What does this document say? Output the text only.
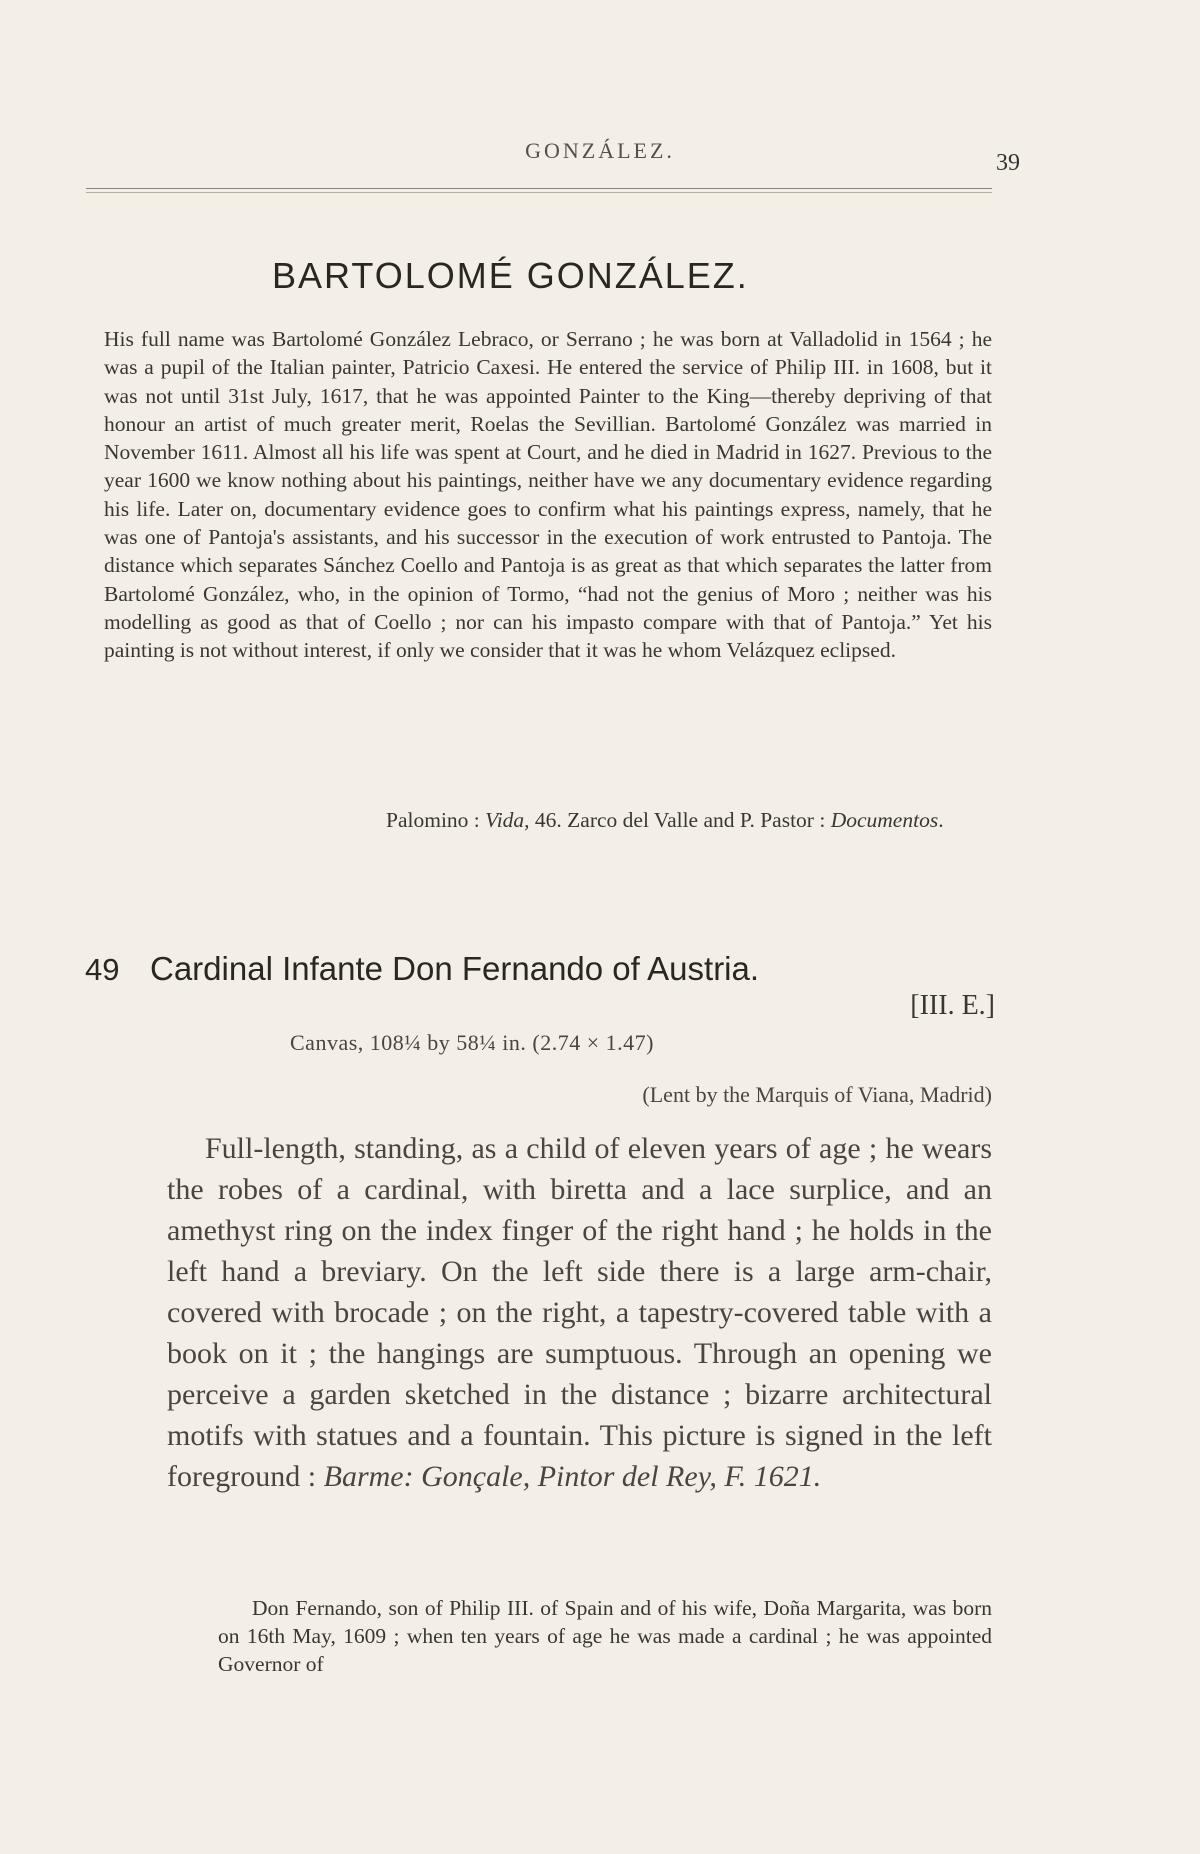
GONZÁLEZ.	39
BARTOLOMÉ GONZÁLEZ.

His full name was Bartolomé González Lebraco, or Serrano ; he was born at Valladolid in 1564 ; he was a pupil of the Italian painter, Patricio Caxesi. He entered the service of Philip III. in 1608, but it was not until 31st July, 1617, that he was appointed Painter to the King—thereby depriving of that honour an artist of much greater merit, Roelas the Sevillian. Bartolomé González was married in November 1611. Almost all his life was spent at Court, and he died in Madrid in 1627. Previous to the year 1600 we know nothing about his paintings, neither have we any documentary evidence regarding his life. Later on, documentary evidence goes to confirm what his paintings express, namely, that he was one of Pantoja's assistants, and his successor in the execution of work entrusted to Pantoja. The distance which separates Sánchez Coello and Pantoja is as great as that which separates the latter from Bartolomé González, who, in the opinion of Tormo, “had not the genius of Moro ; neither was his modelling as good as that of Coello ; nor can his impasto compare with that of Pantoja.” Yet his painting is not without interest, if only we consider that it was he whom Velázquez eclipsed.

Palomino : Vida, 46. Zarco del Valle and P. Pastor : Documentos.

49 Cardinal Infante Don Fernando of Austria.
[III. E.]
Canvas, 108¼ by 58¼ in. (2.74 × 1.47)
(Lent by the Marquis of Viana, Madrid)

Full-length, standing, as a child of eleven years of age ; he wears the robes of a cardinal, with biretta and a lace surplice, and an amethyst ring on the index finger of the right hand ; he holds in the left hand a breviary. On the left side there is a large arm-chair, covered with brocade ; on the right, a tapestry-covered table with a book on it ; the hangings are sumptuous. Through an opening we perceive a garden sketched in the distance ; bizarre architectural motifs with statues and a fountain. This picture is signed in the left foreground : Barme: Gonçale, Pintor del Rey, F. 1621.

Don Fernando, son of Philip III. of Spain and of his wife, Doña Margarita, was born on 16th May, 1609 ; when ten years of age he was made a cardinal ; he was appointed Governor of
